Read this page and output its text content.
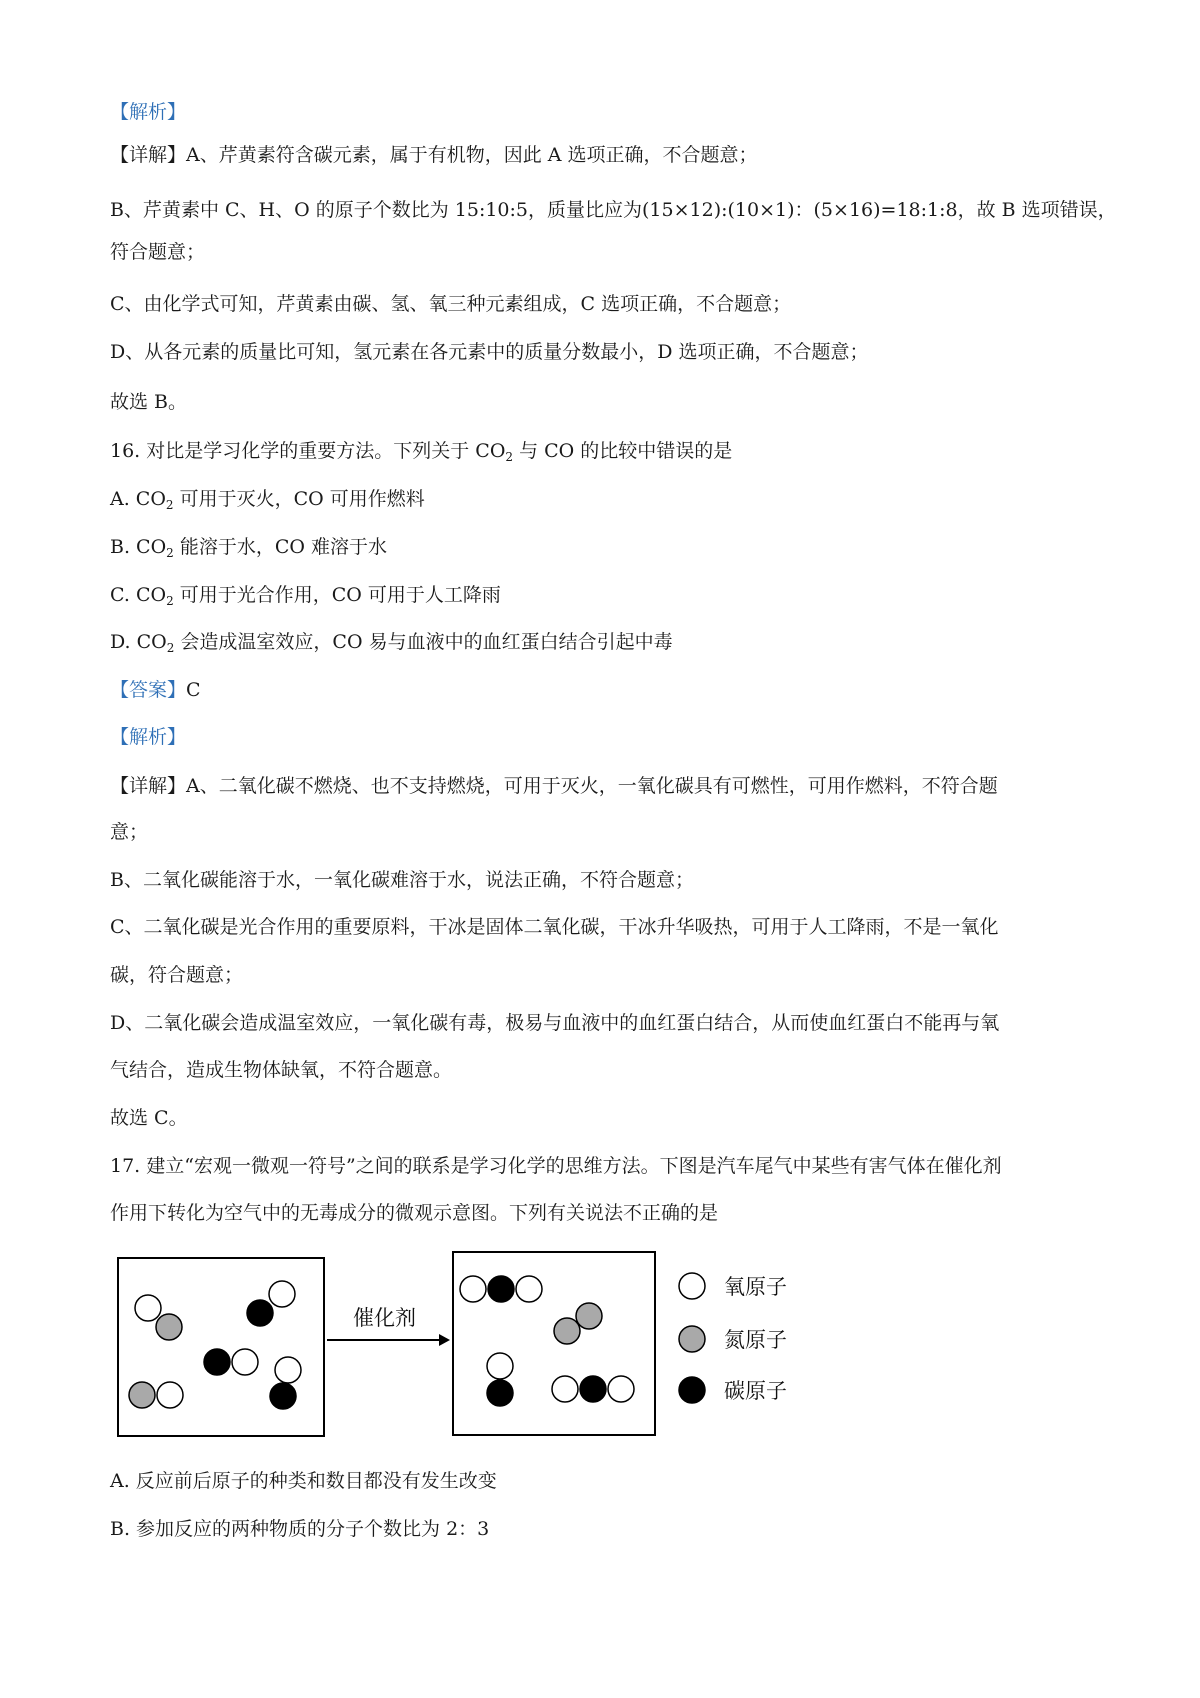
【解析】
【详解】A、芹黄素符含碳元素，属于有机物，因此 A 选项正确，不合题意；
B、芹黄素中 C、H、O 的原子个数比为 15:10:5，质量比应为(15×12):(10×1)：(5×16)=18:1:8，故 B 选项错误，
符合题意；
C、由化学式可知，芹黄素由碳、氢、氧三种元素组成，C 选项正确，不合题意；
D、从各元素的质量比可知，氢元素在各元素中的质量分数最小，D 选项正确，不合题意；
故选 B。
16. 对比是学习化学的重要方法。下列关于 $CO_2$ 与 CO 的比较中错误的是
A. $CO_2$ 可用于灭火，CO 可用作燃料
B. $CO_2$ 能溶于水，CO 难溶于水
C. $CO_2$ 可用于光合作用，CO 可用于人工降雨
D. $CO_2$ 会造成温室效应，CO 易与血液中的血红蛋白结合引起中毒
【答案】C
【解析】
【详解】A、二氧化碳不燃烧、也不支持燃烧，可用于灭火，一氧化碳具有可燃性，可用作燃料，不符合题
意；
B、二氧化碳能溶于水，一氧化碳难溶于水，说法正确，不符合题意；
C、二氧化碳是光合作用的重要原料，干冰是固体二氧化碳，干冰升华吸热，可用于人工降雨，不是一氧化
碳，符合题意；
D、二氧化碳会造成温室效应，一氧化碳有毒，极易与血液中的血红蛋白结合，从而使血红蛋白不能再与氧
气结合，造成生物体缺氧，不符合题意。
故选 C。
17. 建立“宏观一微观一符号”之间的联系是学习化学的思维方法。下图是汽车尾气中某些有害气体在催化剂
作用下转化为空气中的无毒成分的微观示意图。下列有关说法不正确的是
催化剂
氧原子
氮原子
碳原子
A. 反应前后原子的种类和数目都没有发生改变
B. 参加反应的两种物质的分子个数比为 2：3
